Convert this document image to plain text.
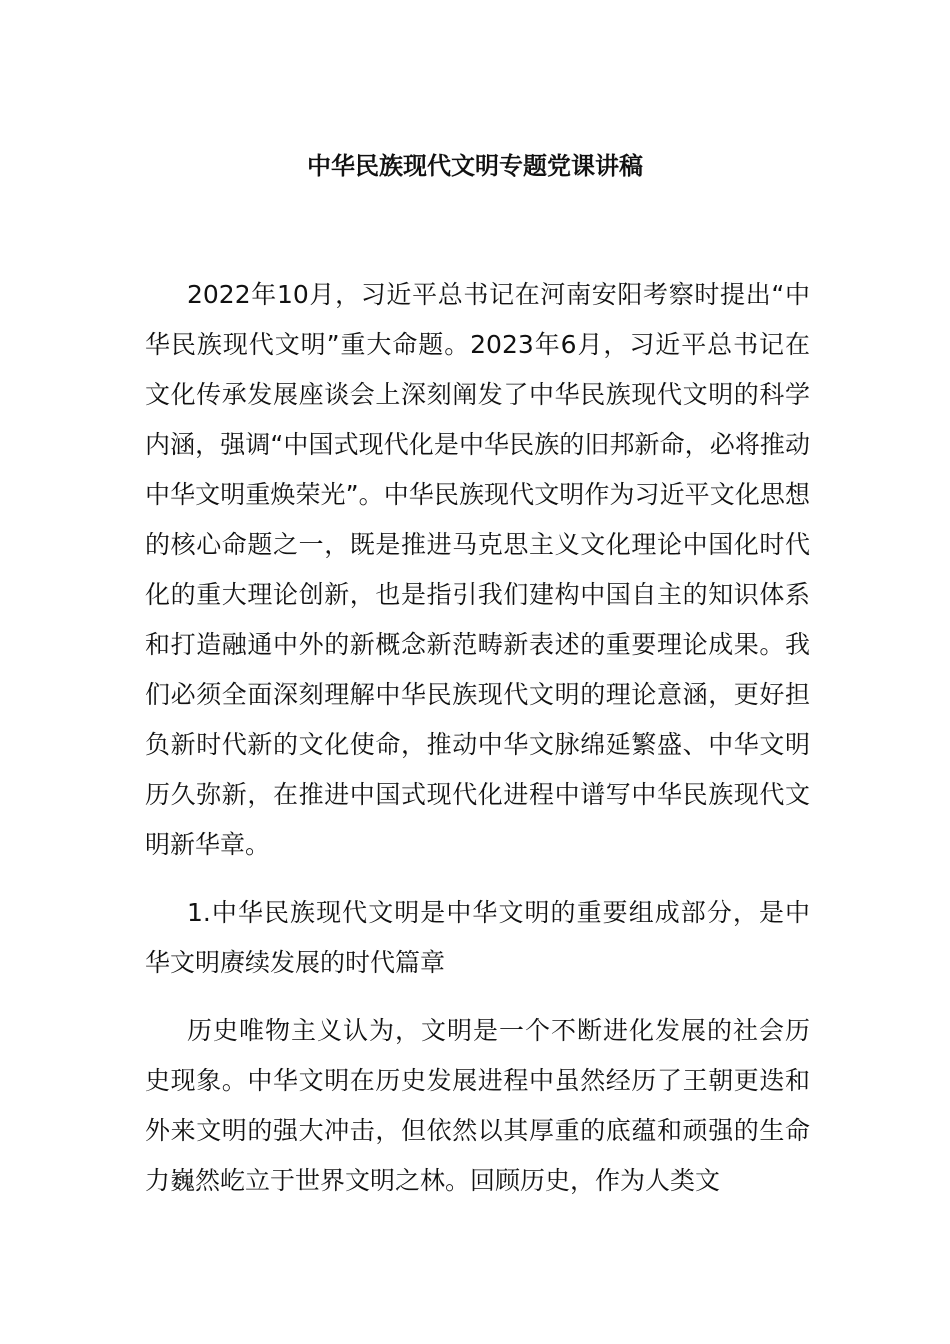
中华民族现代文明专题党课讲稿

2022年10月，习近平总书记在河南安阳考察时提出“中华民族现代文明”重大命题。2023年6月，习近平总书记在文化传承发展座谈会上深刻阐发了中华民族现代文明的科学内涵，强调“中国式现代化是中华民族的旧邦新命，必将推动中华文明重焕荣光”。中华民族现代文明作为习近平文化思想的核心命题之一，既是推进马克思主义文化理论中国化时代化的重大理论创新，也是指引我们建构中国自主的知识体系和打造融通中外的新概念新范畴新表述的重要理论成果。我们必须全面深刻理解中华民族现代文明的理论意涵，更好担负新时代新的文化使命，推动中华文脉绵延繁盛、中华文明历久弥新，在推进中国式现代化进程中谱写中华民族现代文明新华章。

1.中华民族现代文明是中华文明的重要组成部分，是中华文明赓续发展的时代篇章

历史唯物主义认为，文明是一个不断进化发展的社会历史现象。中华文明在历史发展进程中虽然经历了王朝更迭和外来文明的强大冲击，但依然以其厚重的底蕴和顽强的生命力巍然屹立于世界文明之林。回顾历史，作为人类文
